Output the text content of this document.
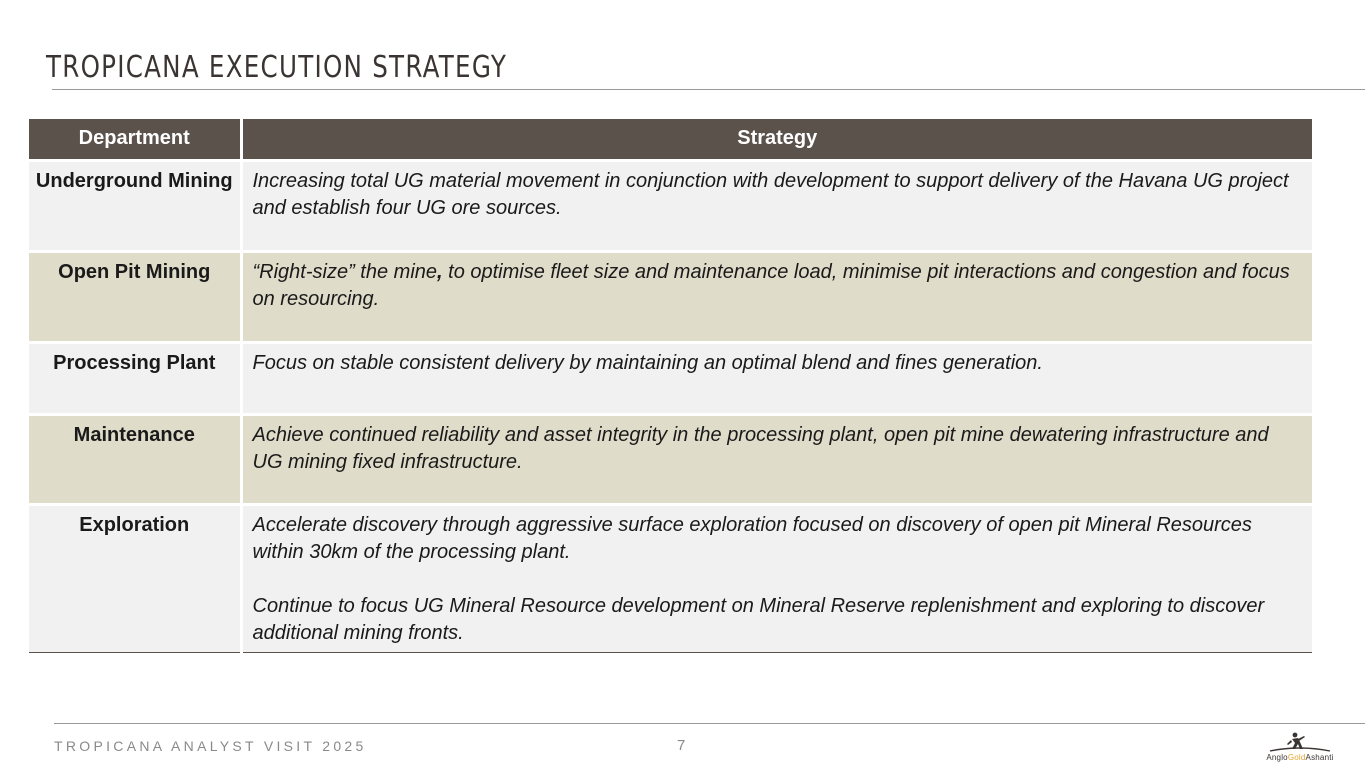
TROPICANA EXECUTION STRATEGY
Department	Strategy
Underground Mining	Increasing total UG material movement in conjunction with development to support delivery of the Havana UG project and establish four UG ore sources.

Open Pit Mining	“Right-size” the mine, to optimise fleet size and maintenance load, minimise pit interactions and congestion and focus on resourcing.

Processing Plant	Focus on stable consistent delivery by maintaining an optimal blend and fines generation.

Maintenance	Achieve continued reliability and asset integrity in the processing plant, open pit mine dewatering infrastructure and UG mining fixed infrastructure.

Exploration	Accelerate discovery through aggressive surface exploration focused on discovery of open pit Mineral Resources within 30km of the processing plant.
Continue to focus UG Mineral Resource development on Mineral Reserve replenishment and exploring to discover additional mining fronts.
TROPICANA ANALYST VISIT 2025	7
AngloGoldAshanti
